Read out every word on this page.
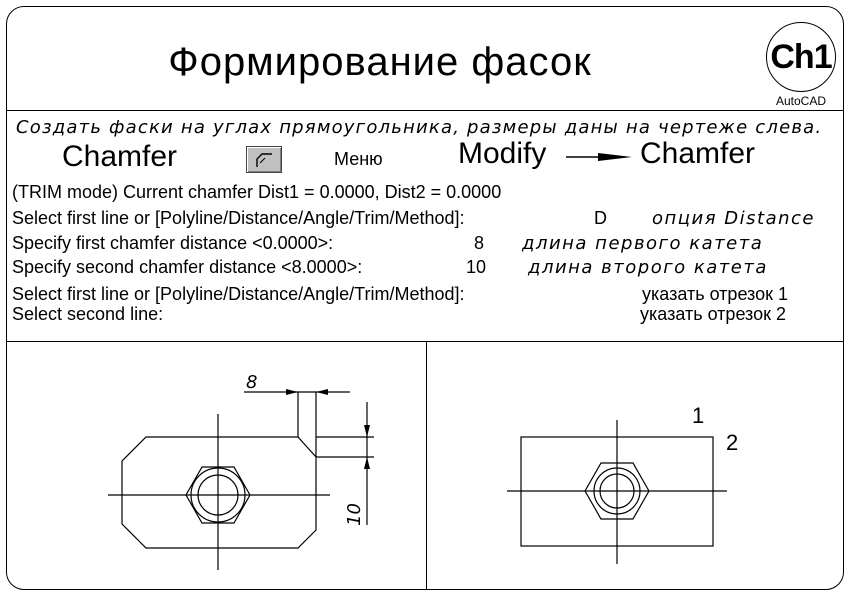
Формирование фасок	Ch1
AutoCAD
Создать фаски на углах прямоугольника, размеры даны на чертеже слева.
Chamfer	Меню	Modify	Chamfer
(TRIM mode) Current chamfer Dist1 = 0.0000, Dist2 = 0.0000
Select first line or [Polyline/Distance/Angle/Trim/Method]:	D	опция Distance
Specify first chamfer distance <0.0000>:	8 длина первого катета
Specify second chamfer distance <8.0000>:	10 длина второго катета
Select first line or [Polyline/Distance/Angle/Trim/Method]:	указать отрезок 1
Select second line:	указать отрезок 2
8
10
1
2
